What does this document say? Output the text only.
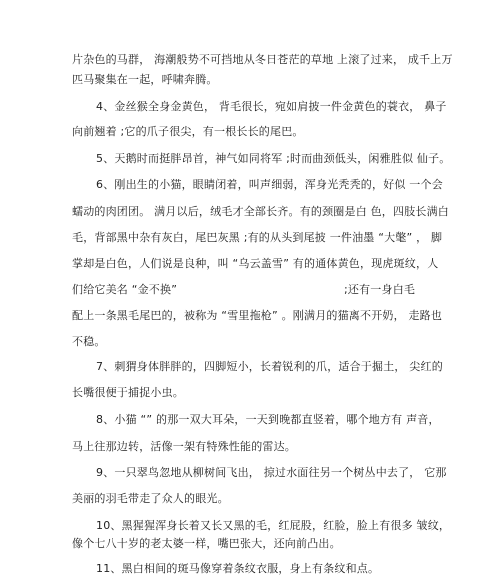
片杂色的马群， 海潮般势不可挡地从冬日苍茫的草地 上滚了过来， 成千上万
匹马聚集在一起，呼啸奔腾。
4、金丝猴全身金黄色， 背毛很长，宛如肩披一件金黄色的蓑衣， 鼻子
向前翘着 ;它的爪子很尖，有一根长长的尾巴。
5、天鹅时而挺胖昂首，神气如同将军 ;时而曲颈低头，闲雅胜似 仙子。
6、刚出生的小猫，眼睛闭着，叫声细弱，浑身光秃秃的，好似 一个会
蠕动的肉团团。 满月以后，绒毛才全部长齐。有的颈圈是白 色，四肢长满白
毛，背部黑中杂有灰白，尾巴灰黑 ;有的从头到尾披 一件油墨 “大氅” ， 脚
掌却是白色，人们说是良种，叫 “乌云盖雪” 有的通体黄色，现虎斑纹，人
们给它美名 “金不换”	;还有一身白毛
配上一条黑毛尾巴的，被称为 “雪里拖枪” 。刚满月的猫离不开奶， 走路也
不稳。
7、刺猬身体胖胖的，四脚短小，长着锐利的爪，适合于掘土， 尖红的
长嘴很便于捕捉小虫。
8、小猫 “” 的那一双大耳朵，一天到晚都直竖着，哪个地方有 声音，
马上往那边转，活像一架有特殊性能的雷达。
9、一只翠鸟忽地从柳树间飞出， 掠过水面往另一个树丛中去了， 它那
美丽的羽毛带走了众人的眼光。
10、黑猩猩浑身长着又长又黑的毛，红屁股，红脸，脸上有很多 皱纹，
像个七八十岁的老太婆一样，嘴巴张大，还向前凸出。
11、黑白相间的斑马像穿着条纹衣服，身上有条纹和点。
